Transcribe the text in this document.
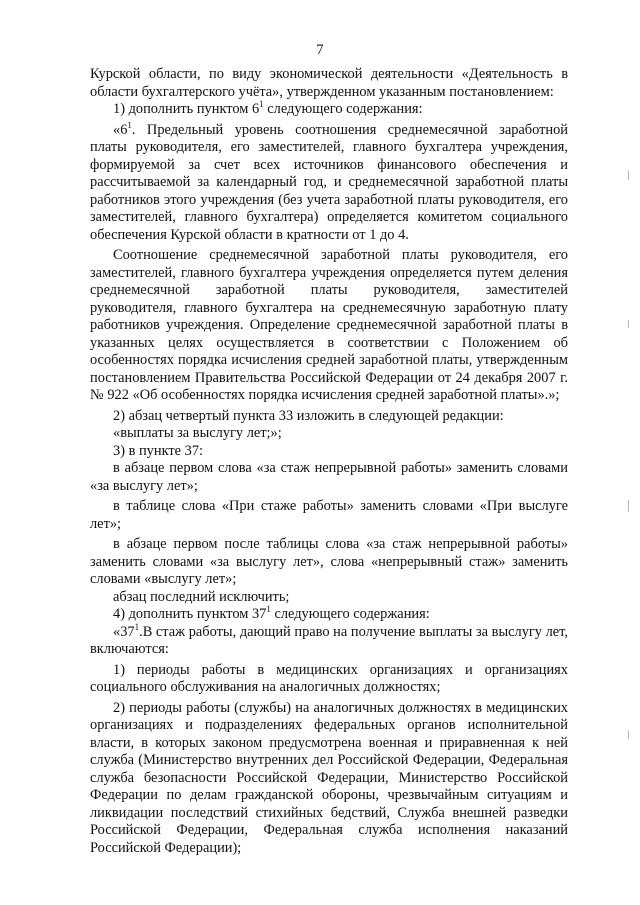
7

Курской области, по виду экономической деятельности «Деятельность в области бухгалтерского учёта», утвержденном указанным постановлением:

1) дополнить пунктом $6^1$ следующего содержания:

«$6^1$. Предельный уровень соотношения среднемесячной заработной платы руководителя, его заместителей, главного бухгалтера учреждения, формируемой за счет всех источников финансового обеспечения и рассчитываемой за календарный год, и среднемесячной заработной платы работников этого учреждения (без учета заработной платы руководителя, его заместителей, главного бухгалтера) определяется комитетом социального обеспечения Курской области в кратности от 1 до 4.

Соотношение среднемесячной заработной платы руководителя, его заместителей, главного бухгалтера учреждения определяется путем деления среднемесячной заработной платы руководителя, заместителей руководителя, главного бухгалтера на среднемесячную заработную плату работников учреждения. Определение среднемесячной заработной платы в указанных целях осуществляется в соответствии с Положением об особенностях порядка исчисления средней заработной платы, утвержденным постановлением Правительства Российской Федерации от 24 декабря 2007 г. № 922 «Об особенностях порядка исчисления средней заработной платы».»;

2) абзац четвертый пункта 33 изложить в следующей редакции:

«выплаты за выслугу лет;»;

3) в пункте 37:

в абзаце первом слова «за стаж непрерывной работы» заменить словами «за выслугу лет»;

в таблице слова «При стаже работы» заменить словами «При выслуге лет»;

в абзаце первом после таблицы слова «за стаж непрерывной работы» заменить словами «за выслугу лет», слова «непрерывный стаж» заменить словами «выслугу лет»;

абзац последний исключить;

4) дополнить пунктом $37^1$ следующего содержания:

«$37^1.В$ стаж работы, дающий право на получение выплаты за выслугу лет, включаются:

1) периоды работы в медицинских организациях и организациях социального обслуживания на аналогичных должностях;

2) периоды работы (службы) на аналогичных должностях в медицинских организациях и подразделениях федеральных органов исполнительной власти, в которых законом предусмотрена военная и приравненная к ней служба (Министерство внутренних дел Российской Федерации, Федеральная служба безопасности Российской Федерации, Министерство Российской Федерации по делам гражданской обороны, чрезвычайным ситуациям и ликвидации последствий стихийных бедствий, Служба внешней разведки Российской Федерации, Федеральная служба исполнения наказаний Российской Федерации);
